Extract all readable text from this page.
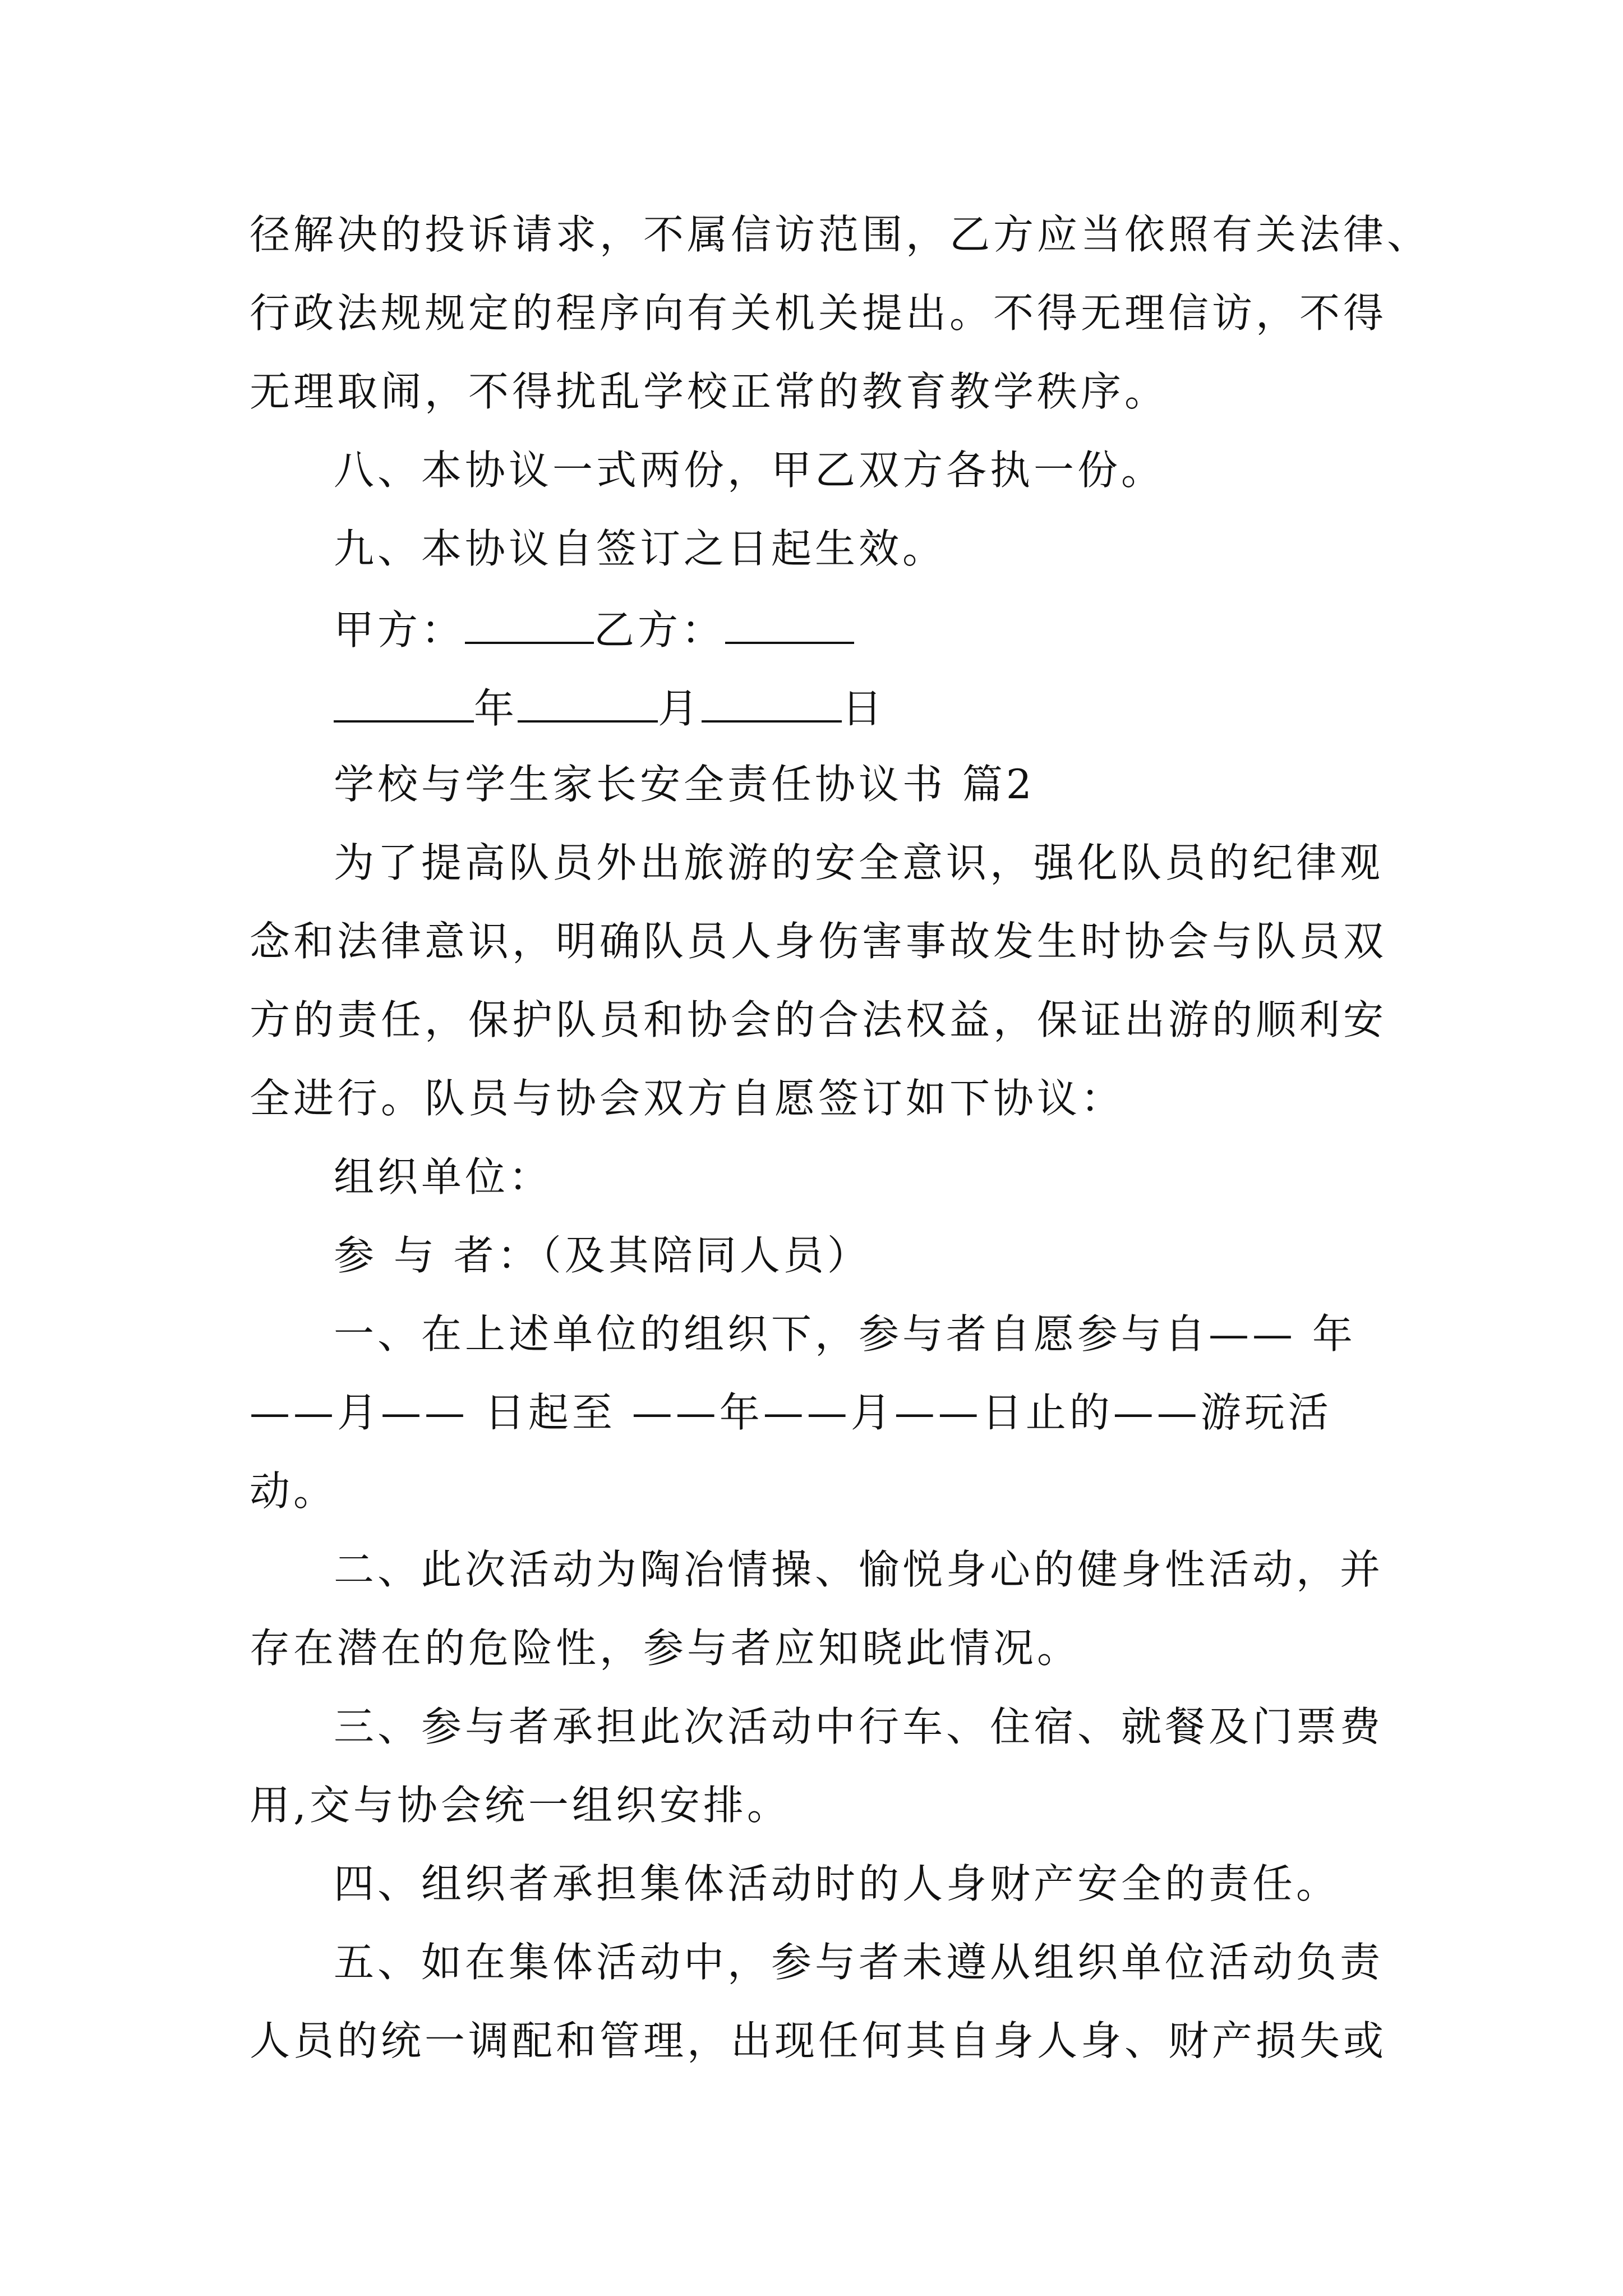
径解决的投诉请求，不属信访范围，乙方应当依照有关法律、
行政法规规定的程序向有关机关提出。不得无理信访，不得
无理取闹，不得扰乱学校正常的教育教学秩序。
八、本协议一式两份，甲乙双方各执一份。
九、本协议自签订之日起生效。
甲方：	乙方：
年	月	日
学校与学生家长安全责任协议书 篇2
为了提高队员外出旅游的安全意识，强化队员的纪律观
念和法律意识，明确队员人身伤害事故发生时协会与队员双
方的责任，保护队员和协会的合法权益，保证出游的顺利安
全进行。队员与协会双方自愿签订如下协议：
组织单位：
参 与 者：（及其陪同人员）
一、在上述单位的组织下，参与者自愿参与自—— 年
——月—— 日起至 ——年——月——日止的——游玩活
动。
二、此次活动为陶冶情操、愉悦身心的健身性活动，并
存在潜在的危险性，参与者应知晓此情况。
三、参与者承担此次活动中行车、住宿、就餐及门票费
用,交与协会统一组织安排。
四、组织者承担集体活动时的人身财产安全的责任。
五、如在集体活动中，参与者未遵从组织单位活动负责
人员的统一调配和管理，出现任何其自身人身、财产损失或
